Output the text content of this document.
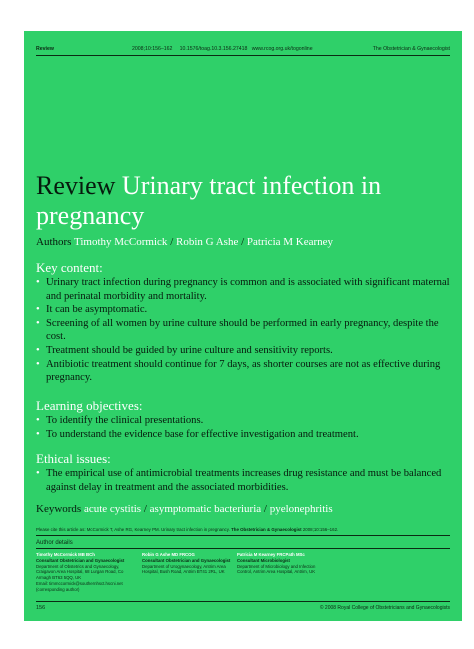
Review	2008;10:156–162 10.1576/toag.10.3.156.27418 www.rcog.org.uk/togonline	The Obstetrician & Gynaecologist
Review Urinary tract infection in pregnancy
Authors Timothy McCormick / Robin G Ashe / Patricia M Kearney
Key content:
• Urinary tract infection during pregnancy is common and is associated with significant maternal and perinatal morbidity and mortality.
• It can be asymptomatic.
• Screening of all women by urine culture should be performed in early pregnancy, despite the cost.
• Treatment should be guided by urine culture and sensitivity reports.
• Antibiotic treatment should continue for 7 days, as shorter courses are not as effective during pregnancy.
Learning objectives:
• To identify the clinical presentations.
• To understand the evidence base for effective investigation and treatment.
Ethical issues:
• The empirical use of antimicrobial treatments increases drug resistance and must be balanced against delay in treatment and the associated morbidities.
Keywords acute cystitis / asymptomatic bacteriuria / pyelonephritis
Please cite this article as: McCormick T, Ashe RG, Kearney PM. Urinary tract infection in pregnancy. The Obstetrician & Gynaecologist 2008;10:156–162.
Author details
Timothy McCormick MB BCh
Consultant Obstetrician and Gynaecologist
Department of Obstetrics and Gynaecology,
Craigavon Area Hospital, 68 Lurgan Road, Co
Armagh BT63 5QQ, UK
Email: timmccormick@southernhsct.hscni.net
(corresponding author)
Robin G Ashe MD FRCOG
Consultant Obstetrician and Gynaecologist
Department of Urogynaecology, Antrim Area
Hospital, Bush Road, Antrim BT41 2RL, UK
Patricia M Kearney FRCPath MSc
Consultant Microbiologist
Department of Microbiology and Infection
Control, Antrim Area Hospital, Antrim, UK
156	© 2008 Royal College of Obstetricians and Gynaecologists
